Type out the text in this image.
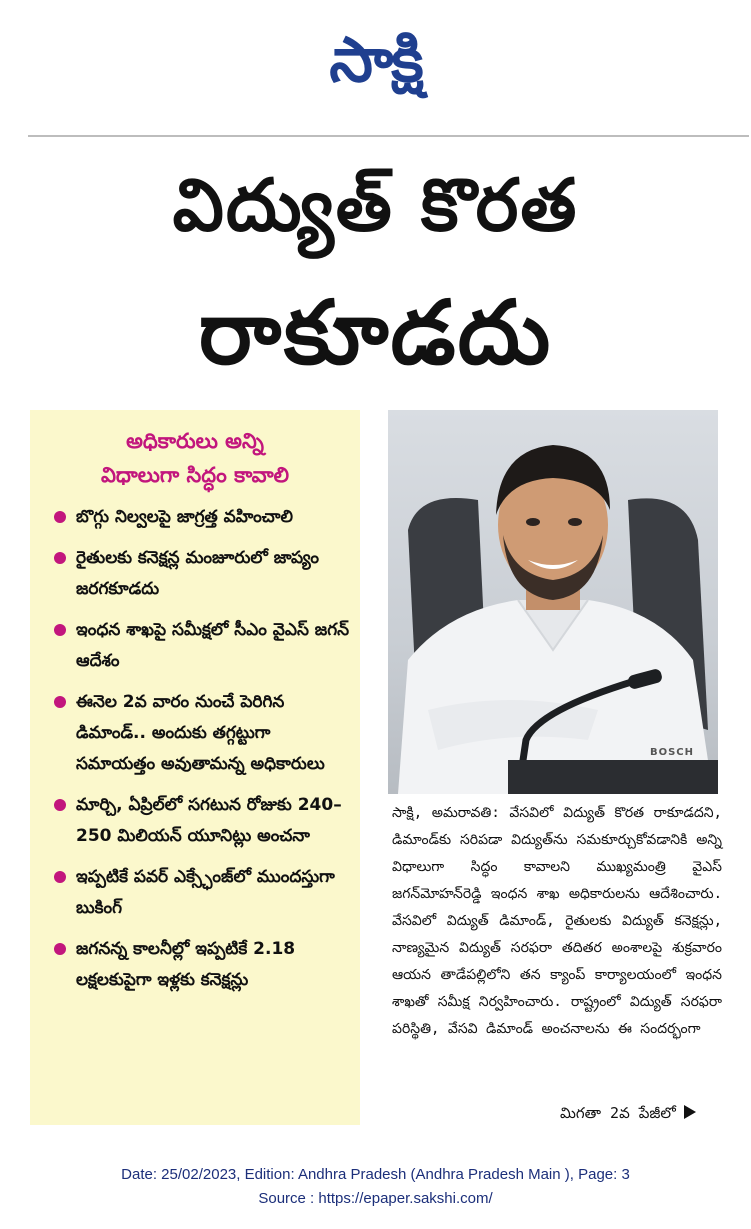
సాక్షి
విద్యుత్ కొరత
రాకూడదు
అధికారులు అన్ని
విధాలుగా సిద్ధం కావాలి
బొగ్గు నిల్వలపై జాగ్రత్త వహించాలి
రైతులకు కనెక్షన్ల మంజూరులో జాప్యం జరగకూడదు
ఇంధన శాఖపై సమీక్షలో సీఎం వైఎస్ జగన్ ఆదేశం
ఈనెల 2వ వారం నుంచే పెరిగిన డిమాండ్.. అందుకు తగ్గట్టుగా సమాయత్తం అవుతామన్న అధికారులు
మార్చి, ఏప్రిల్‌లో సగటున రోజుకు 240–250 మిలియన్ యూనిట్లు అంచనా
ఇప్పటికే పవర్ ఎక్స్ఛేంజ్‌లో ముందస్తుగా బుకింగ్
జగనన్న కాలనీల్లో ఇప్పటికే 2.18 లక్షలకుపైగా ఇళ్లకు కనెక్షన్లు
BOSCH
సాక్షి, అమరావతి: వేసవిలో విద్యుత్ కొరత రాకూడదని, డిమాండ్‌కు సరిపడా విద్యుత్‌ను సమకూర్చుకోవడానికి అన్ని విధాలుగా సిద్ధం కావాలని ముఖ్యమంత్రి వైఎస్ జగన్‌మోహన్‌రెడ్డి ఇంధన శాఖ అధికారులను ఆదేశించారు. వేసవిలో విద్యుత్ డిమాండ్, రైతులకు విద్యుత్ కనెక్షన్లు, నాణ్యమైన విద్యుత్ సరఫరా తదితర అంశాలపై శుక్రవారం ఆయన తాడేపల్లిలోని తన క్యాంప్ కార్యాలయంలో ఇంధన శాఖతో సమీక్ష నిర్వహించారు. రాష్ట్రంలో విద్యుత్ సరఫరా పరిస్థితి, వేసవి డిమాండ్ అంచనాలను ఈ సందర్భంగా
మిగతా 2వ పేజీలో
Date: 25/02/2023, Edition: Andhra Pradesh (Andhra Pradesh Main ), Page: 3
Source : https://epaper.sakshi.com/
